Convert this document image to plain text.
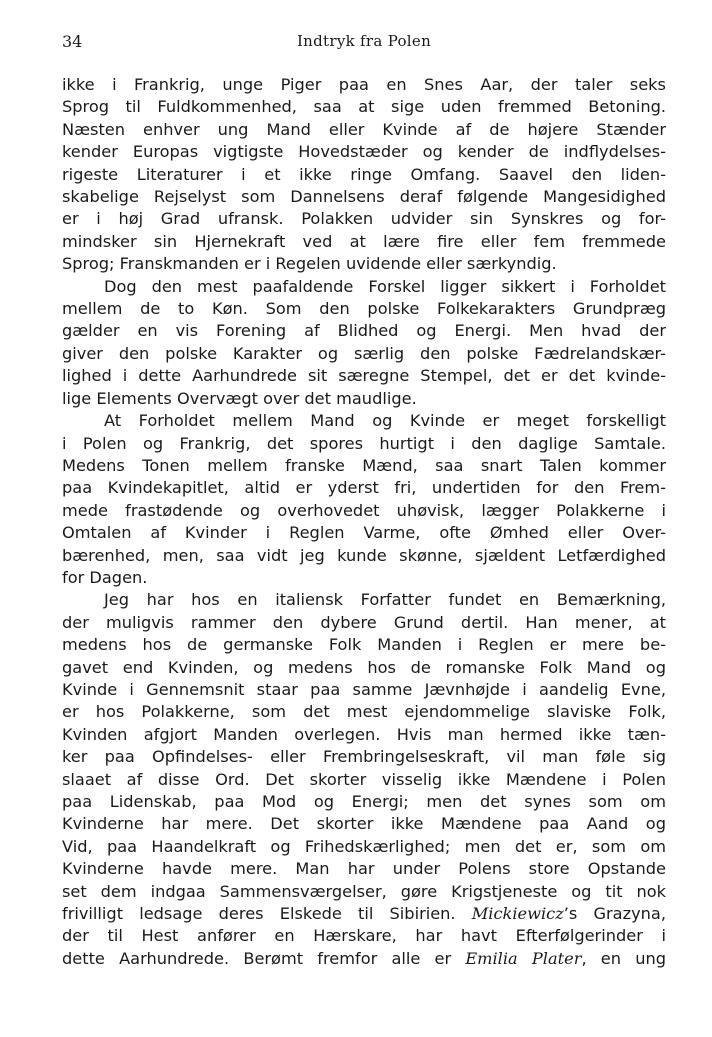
34	Indtryk fra Polen
ikke i Frankrig, unge Piger paa en Snes Aar, der taler seks
Sprog til Fuldkommenhed, saa at sige uden fremmed Betoning.
Næsten enhver ung Mand eller Kvinde af de højere Stænder
kender Europas vigtigste Hovedstæder og kender de indflydelses-
rigeste Literaturer i et ikke ringe Omfang. Saavel den liden-
skabelige Rejselyst som Dannelsens deraf følgende Mangesidighed
er i høj Grad ufransk. Polakken udvider sin Synskres og for-
mindsker sin Hjernekraft ved at lære fire eller fem fremmede
Sprog; Franskmanden er i Regelen uvidende eller særkyndig.
Dog den mest paafaldende Forskel ligger sikkert i Forholdet
mellem de to Køn. Som den polske Folkekarakters Grundpræg
gælder en vis Forening af Blidhed og Energi. Men hvad der
giver den polske Karakter og særlig den polske Fædrelandskær-
lighed i dette Aarhundrede sit særegne Stempel, det er det kvinde-
lige Elements Overvægt over det maudlige.
At Forholdet mellem Mand og Kvinde er meget forskelligt
i Polen og Frankrig, det spores hurtigt i den daglige Samtale.
Medens Tonen mellem franske Mænd, saa snart Talen kommer
paa Kvindekapitlet, altid er yderst fri, undertiden for den Frem-
mede frastødende og overhovedet uhøvisk, lægger Polakkerne i
Omtalen af Kvinder i Reglen Varme, ofte Ømhed eller Over-
bærenhed, men, saa vidt jeg kunde skønne, sjældent Letfærdighed
for Dagen.
Jeg har hos en italiensk Forfatter fundet en Bemærkning,
der muligvis rammer den dybere Grund dertil. Han mener, at
medens hos de germanske Folk Manden i Reglen er mere be-
gavet end Kvinden, og medens hos de romanske Folk Mand og
Kvinde i Gennemsnit staar paa samme Jævnhøjde i aandelig Evne,
er hos Polakkerne, som det mest ejendommelige slaviske Folk,
Kvinden afgjort Manden overlegen. Hvis man hermed ikke tæn-
ker paa Opfindelses- eller Frembringelseskraft, vil man føle sig
slaaet af disse Ord. Det skorter visselig ikke Mændene i Polen
paa Lidenskab, paa Mod og Energi; men det synes som om
Kvinderne har mere. Det skorter ikke Mændene paa Aand og
Vid, paa Haandelkraft og Frihedskærlighed; men det er, som om
Kvinderne havde mere. Man har under Polens store Opstande
set dem indgaa Sammensværgelser, gøre Krigstjeneste og tit nok
frivilligt ledsage deres Elskede til Sibirien. Mickiewicz’s Grazyna,
der til Hest anfører en Hærskare, har havt Efterfølgerinder i
dette Aarhundrede. Berømt fremfor alle er Emilia Plater, en ung
